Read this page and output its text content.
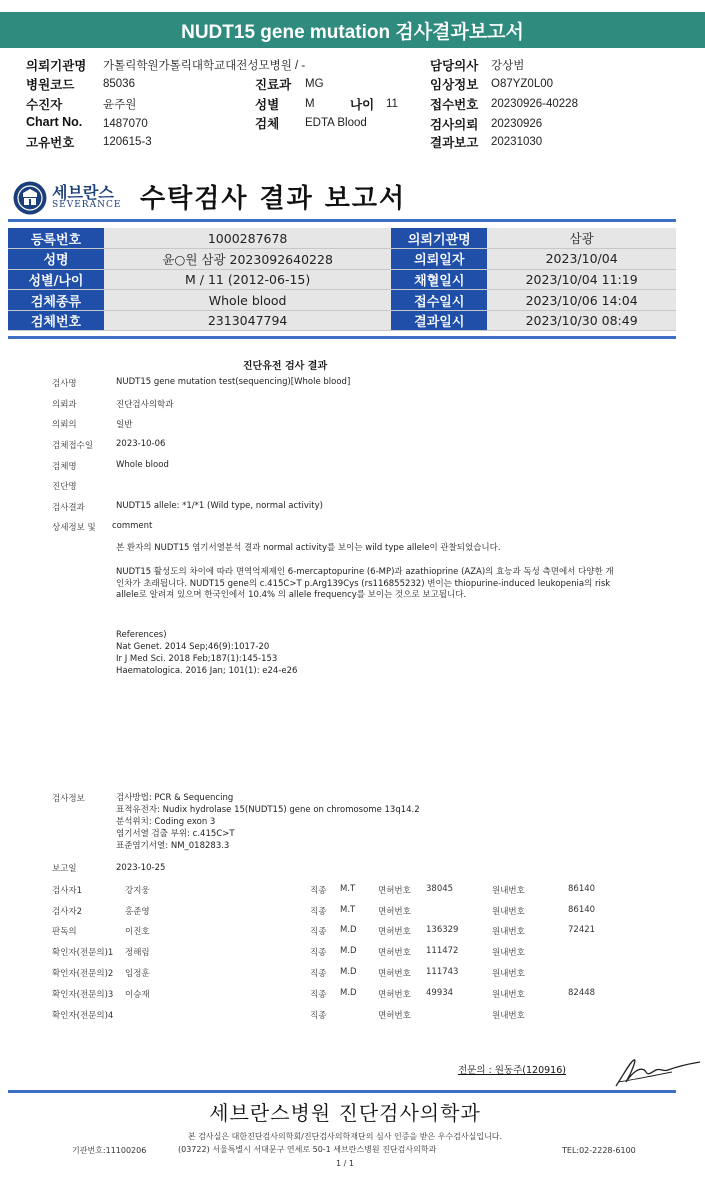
NUDT15 gene mutation 검사결과보고서
의뢰기관명 가톨릭학원가톨릭대학교대전성모병원 / -
병원코드 85036
수진자	윤주원
Chart No. 1487070
고유번호 120615-3
진료과 MG
성별 M	나이 11
검체 EDTA Blood
담당의사 강상범
임상정보 O87YZ0L00
접수번호 20230926-40228
검사의뢰 20230926
결과보고 20231030
세브란스
SEVERANCE 수탁검사 결과 보고서
등록번호	1000287678	의뢰기관명	삼광
성명	윤○원 삼광 2023092640228	의뢰일자	2023/10/04
성별/나이	M / 11 (2012-06-15)	채혈일시	2023/10/04 11:19
검체종류	Whole blood	접수일시	2023/10/06 14:04
검체번호	2313047794	결과일시	2023/10/30 08:49
진단유전 검사 결과
검사명	NUDT15 gene mutation test(sequencing)[Whole blood]
의뢰과	진단검사의학과
의뢰의	일반
검체접수일	2023-10-06
검체명	Whole blood
진단명
검사결과	NUDT15 allele: *1/*1 (Wild type, normal activity)
상세정보 및 comment
본 환자의 NUDT15 염기서열분석 결과 normal activity를 보이는 wild type allele이 관찰되었습니다.
NUDT15 활성도의 차이에 따라 면역억제제인 6-mercaptopurine (6-MP)과 azathioprine (AZA)의 효능과 독성 측면에서 다양한 개인차가 초래됩니다. NUDT15 gene의 c.415C>T p.Arg139Cys (rs116855232) 변이는 thiopurine-induced leukopenia의 risk allele로 알려져 있으며 한국인에서 10.4% 의 allele frequency를 보이는 것으로 보고됩니다.
References)
Nat Genet. 2014 Sep;46(9):1017-20
Ir J Med Sci. 2018 Feb;187(1):145-153
Haematologica. 2016 Jan; 101(1): e24-e26
검사정보	검사방법: PCR & Sequencing
표적유전자: Nudix hydrolase 15(NUDT15) gene on chromosome 13q14.2
분석위치: Coding exon 3
염기서열 검출 부위: c.415C>T
표준염기서열: NM_018283.3
보고일	2023-10-25
검사자1	강지웅	직종 M.T	면허번호 38045	원내번호	86140
검사자2	홍준영	직종 M.T	면허번호	원내번호	86140
판독의	이진호	직종 M.D	면허번호 136329	원내번호	72421
확인자(전문의)1 정해림	직종 M.D	면허번호 111472	원내번호
확인자(전문의)2 임정훈	직종 M.D	면허번호 111743	원내번호
확인자(전문의)3 이승재	직종 M.D	면허번호 49934	원내번호	82448
확인자(전문의)4	직종	면허번호	원내번호
전문의 : 원동주(120916)
세브란스병원 진단검사의학과
본 검사실은 대한진단검사의학회/진단검사의학재단의 심사 인증을 받은 우수검사실입니다.
기관번호:11100206	(03722) 서울특별시 서대문구 연세로 50-1 세브란스병원 진단검사의학과	TEL:02-2228-6100
1 / 1
